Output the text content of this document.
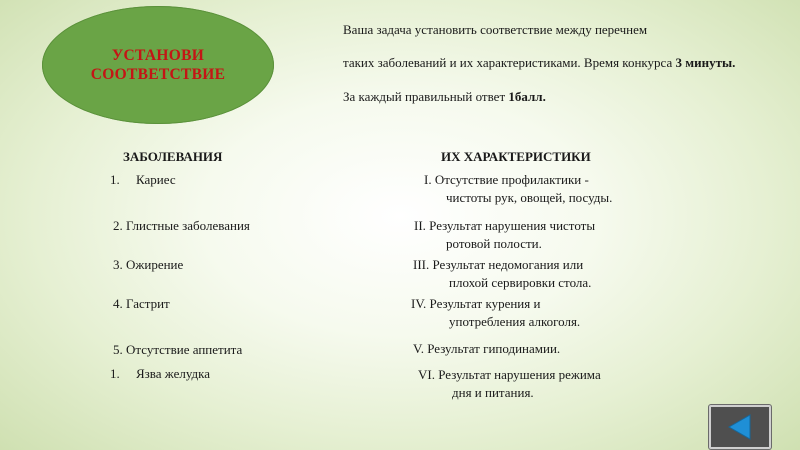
УСТАНОВИ
СООТВЕТСТВИЕ
Ваша задача установить соответствие между перечнем
таких заболеваний и их характеристиками. Время конкурса 3 минуты.
За каждый правильный ответ 1балл.
ЗАБОЛЕВАНИЯ	ИХ ХАРАКТЕРИСТИКИ
1. Кариес
2. Глистные заболевания
3. Ожирение
4. Гастрит
5. Отсутствие аппетита
1. Язва желудка
I. Отсутствие профилактики -
чистоты рук, овощей, посуды.
II. Результат нарушения чистоты
ротовой полости.
III. Результат недомогания или
плохой сервировки стола.
IV. Результат курения и
употребления алкоголя.
V. Результат гиподинамии.
VI. Результат нарушения режима
дня и питания.
